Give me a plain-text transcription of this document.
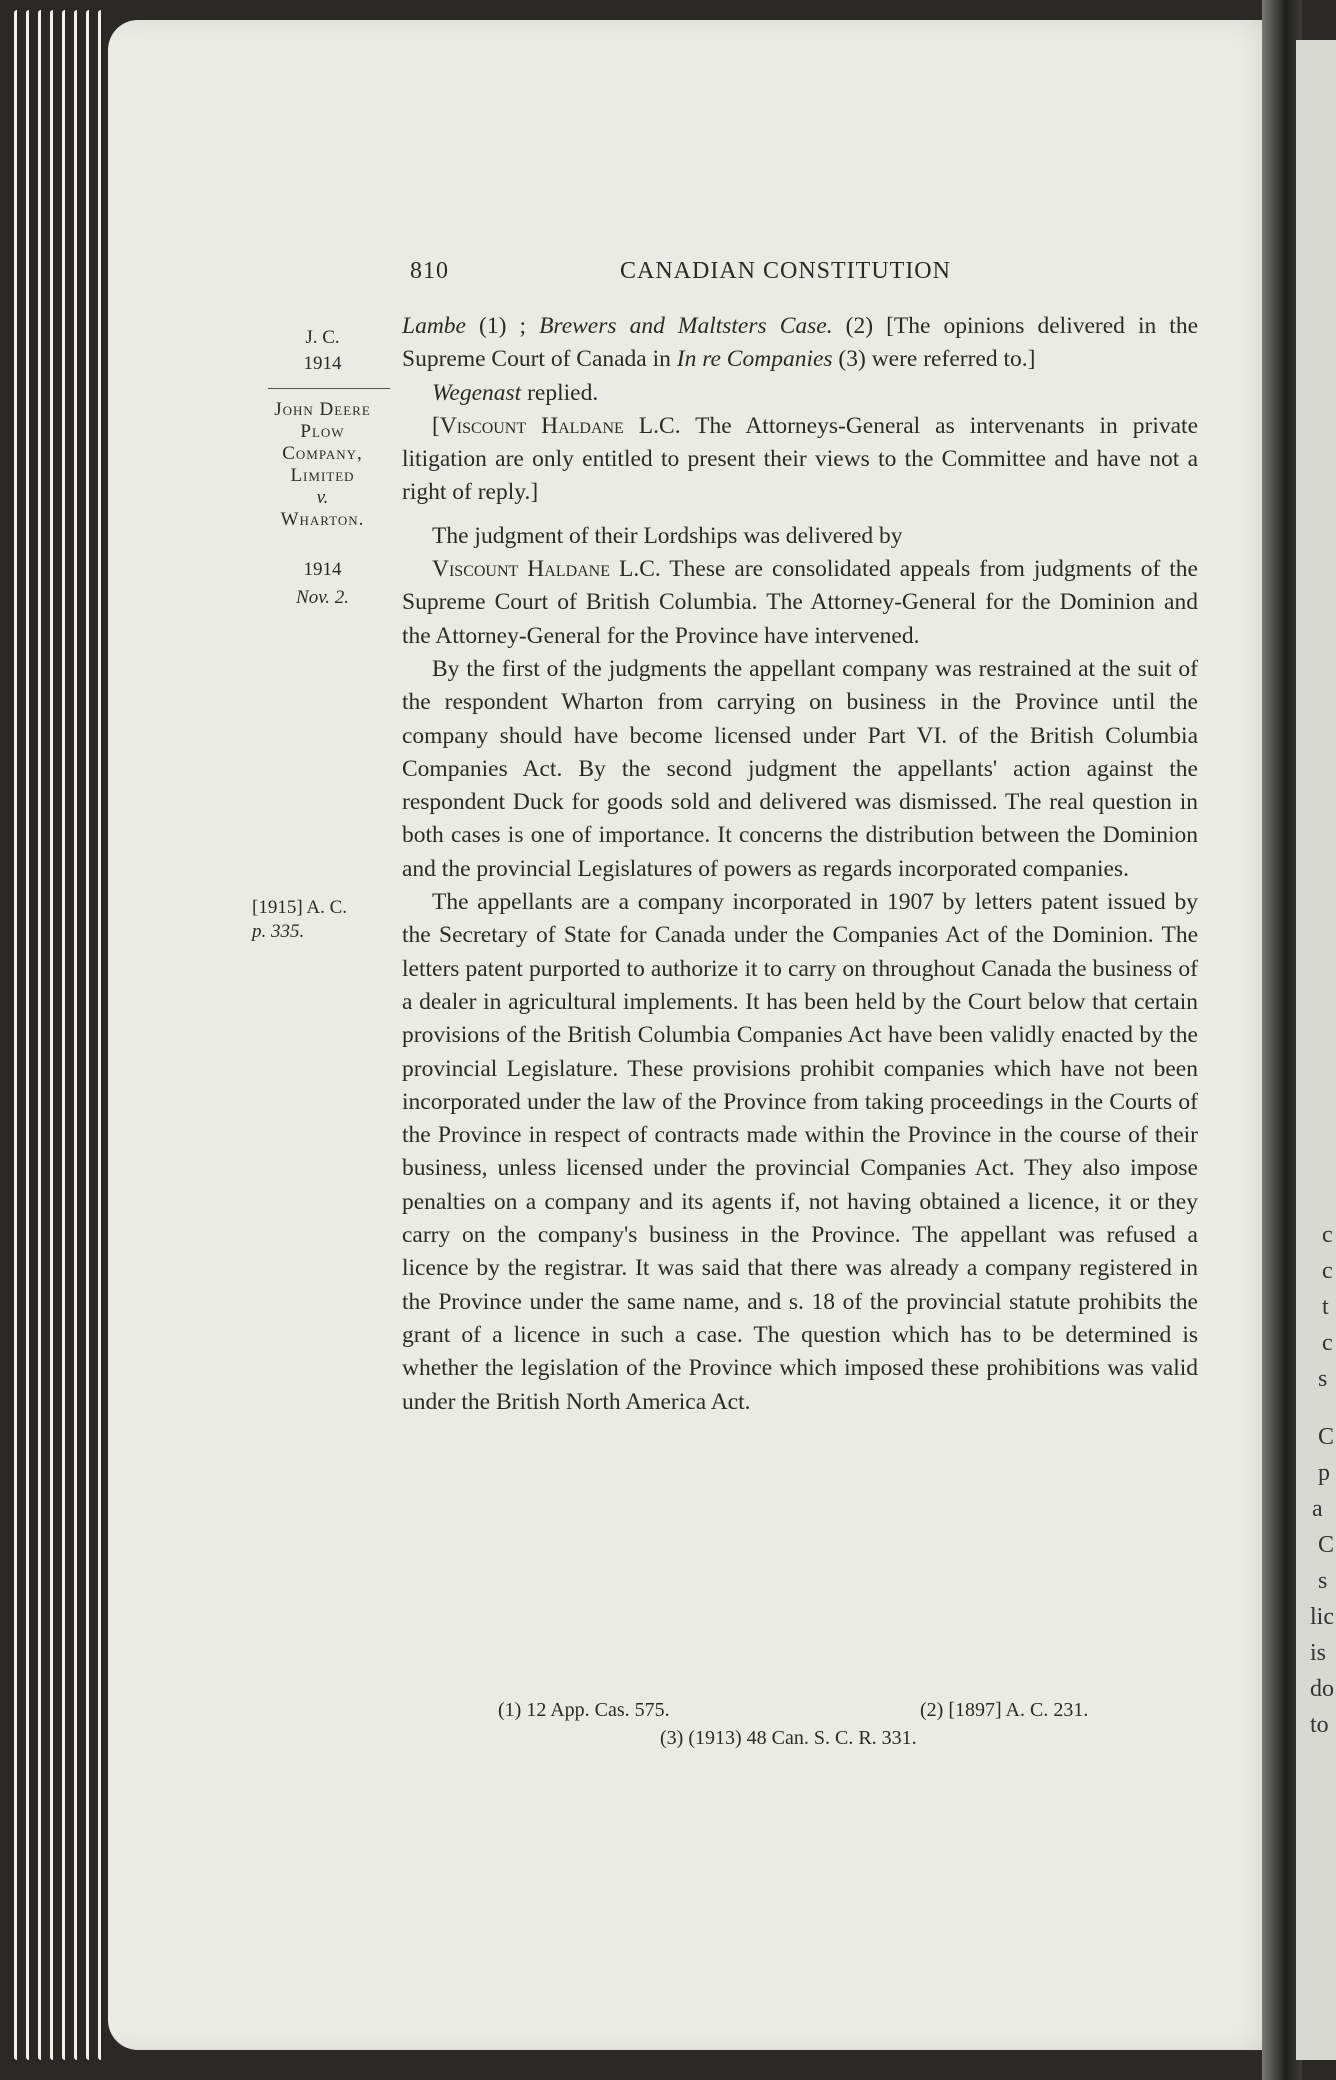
c
c
t
c
s
C
p
a
C
s
lic
is
do
to
810	CANADIAN CONSTITUTION
J. C.
1914
John Deere
Plow
Company,
Limited
v.
Wharton.
1914
Nov. 2.
[1915] A. C.
p. 335.

Lambe (1) ; Brewers and Maltsters Case. (2) [The opinions delivered in the Supreme Court of Canada in In re Companies (3) were referred to.]

Wegenast replied.

[Viscount Haldane L.C. The Attorneys-General as intervenants in private litigation are only entitled to present their views to the Committee and have not a right of reply.]

The judgment of their Lordships was delivered by

Viscount Haldane L.C. These are consolidated appeals from judgments of the Supreme Court of British Columbia. The Attorney-General for the Dominion and the Attorney-General for the Province have intervened.

By the first of the judgments the appellant company was restrained at the suit of the respondent Wharton from carrying on business in the Province until the company should have become licensed under Part VI. of the British Columbia Companies Act. By the second judgment the appellants' action against the respondent Duck for goods sold and delivered was dismissed. The real question in both cases is one of importance. It concerns the distribution between the Dominion and the provincial Legislatures of powers as regards incorporated companies.

The appellants are a company incorporated in 1907 by letters patent issued by the Secretary of State for Canada under the Companies Act of the Dominion. The letters patent purported to authorize it to carry on throughout Canada the business of a dealer in agricultural implements. It has been held by the Court below that certain provisions of the British Columbia Companies Act have been validly enacted by the provincial Legislature. These provisions prohibit companies which have not been incorporated under the law of the Province from taking proceedings in the Courts of the Province in respect of contracts made within the Province in the course of their business, unless licensed under the provincial Companies Act. They also impose penalties on a company and its agents if, not having obtained a licence, it or they carry on the company's business in the Province. The appellant was refused a licence by the registrar. It was said that there was already a company registered in the Province under the same name, and s. 18 of the provincial statute prohibits the grant of a licence in such a case. The question which has to be determined is whether the legislation of the Province which imposed these prohibitions was valid under the British North America Act.

(1) 12 App. Cas. 575.	(2) [1897] A. C. 231.
(3) (1913) 48 Can. S. C. R. 331.
